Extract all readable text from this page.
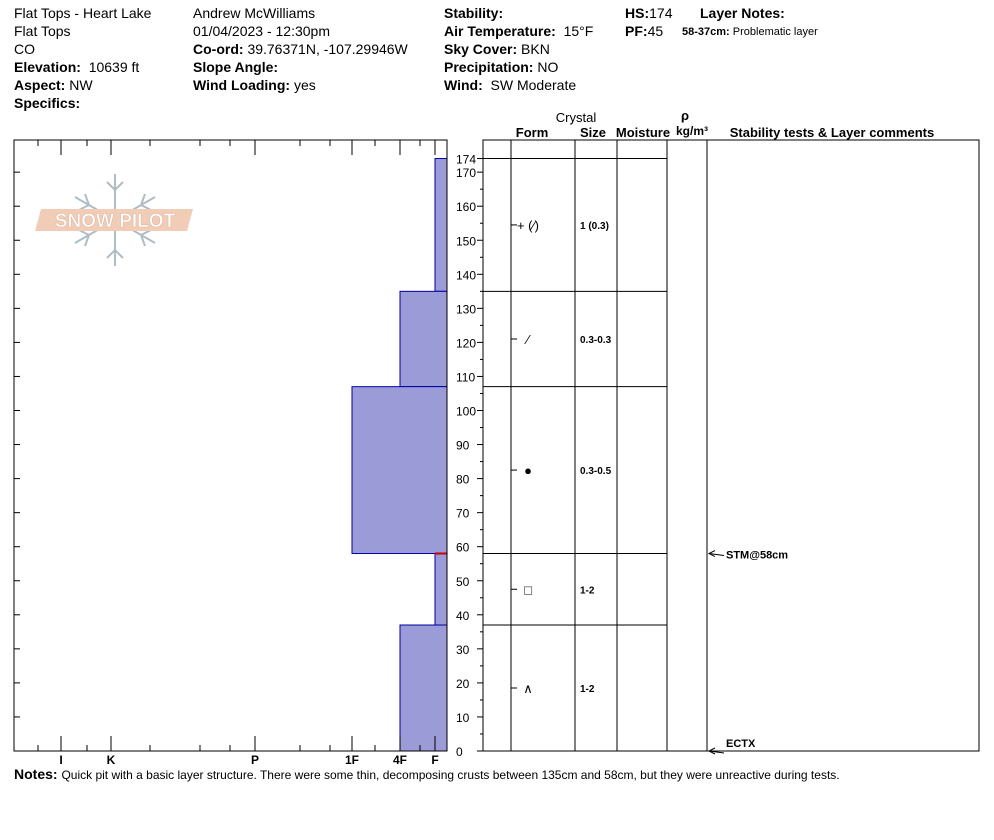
Flat Tops - Heart Lake
Flat Tops
CO
Elevation: 10639 ft
Aspect: NW
Specifics:
Andrew McWilliams
01/04/2023 - 12:30pm
Co-ord: 39.76371N, -107.29946W
Slope Angle:
Wind Loading: yes
Stability:
Air Temperature: 15°F
Sky Cover: BKN
Precipitation: NO
Wind: SW Moderate
HS:174
PF:45
Layer Notes:
58-37cm: Problematic layer
SNOW PILOT
I	K	P	1F	4F F
0
10
20
30
40
50
60
70
80
90
100
110
120
130
140
150
160
170
174
+ (⁄)	1 (0.3)
⁄	0.3-0.3
●	0.3-0.5
□	1-2
∧	1-2
STM@58cm
ECTX
Crystal
Form Size Moisture
ρ
kg/m³ Stability tests & Layer comments
Notes: Quick pit with a basic layer structure. There were some thin, decomposing crusts between 135cm and 58cm, but they were unreactive during tests.
